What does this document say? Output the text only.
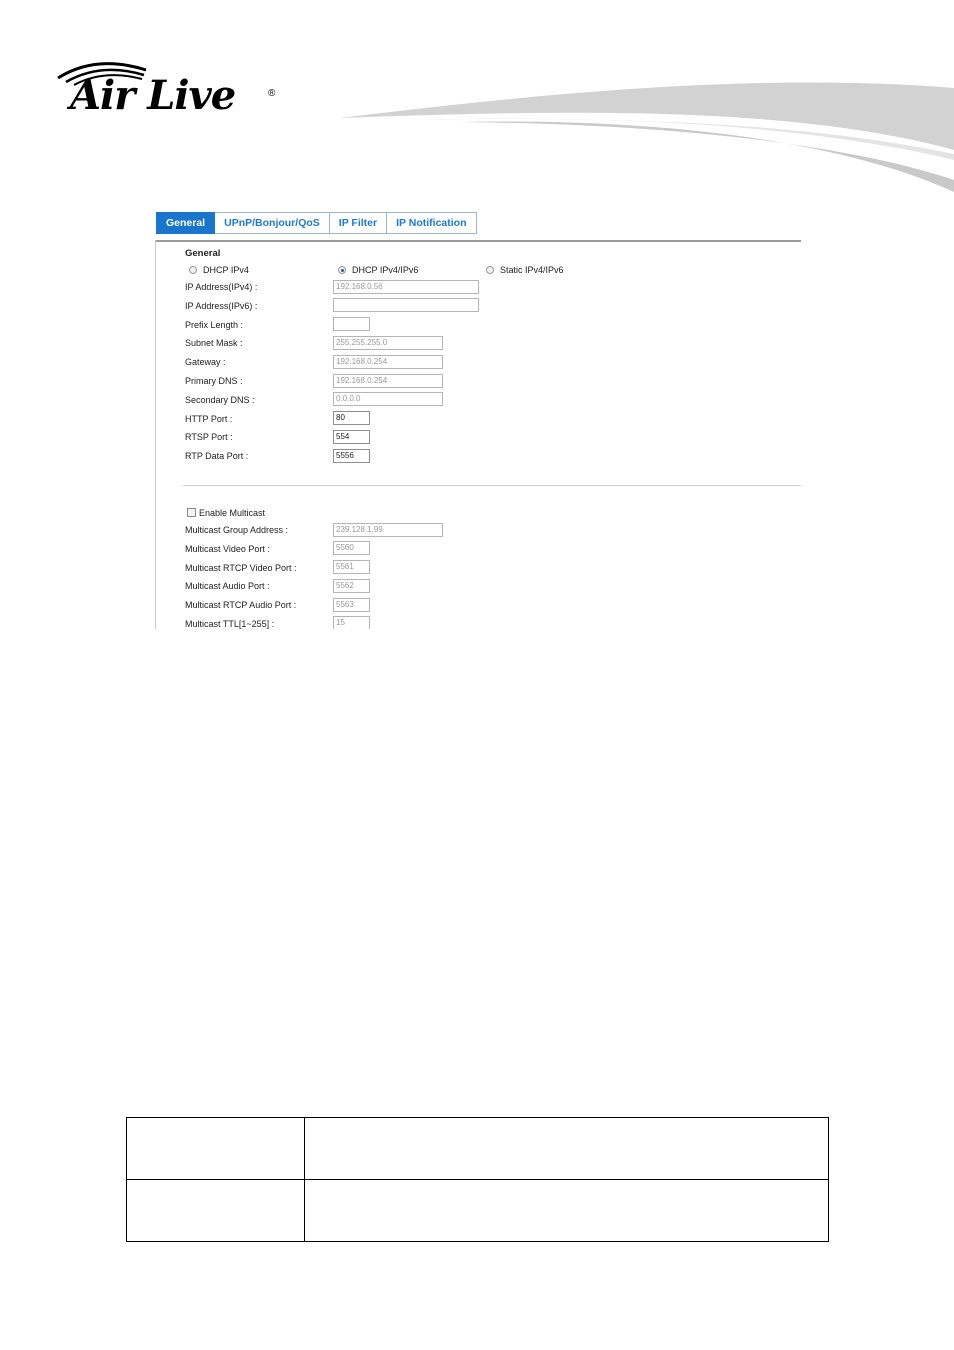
Air Live	®
General	UPnP/Bonjour/QoS	IP Filter	IP Notification
General
DHCP IPv4	DHCP IPv4/IPv6	Static IPv4/IPv6
IP Address(IPv4) :	192.168.0.56
IP Address(IPv6) :
Prefix Length :
Subnet Mask :	255.255.255.0
Gateway :	192.168.0.254
Primary DNS :	192.168.0.254
Secondary DNS :	0.0.0.0
HTTP Port :	80
RTSP Port :	554
RTP Data Port :	5556
Enable Multicast
Multicast Group Address :	239.128.1.99
Multicast Video Port :	5560
Multicast RTCP Video Port :	5561
Multicast Audio Port :	5562
Multicast RTCP Audio Port :	5563
Multicast TTL[1~255] :	15
